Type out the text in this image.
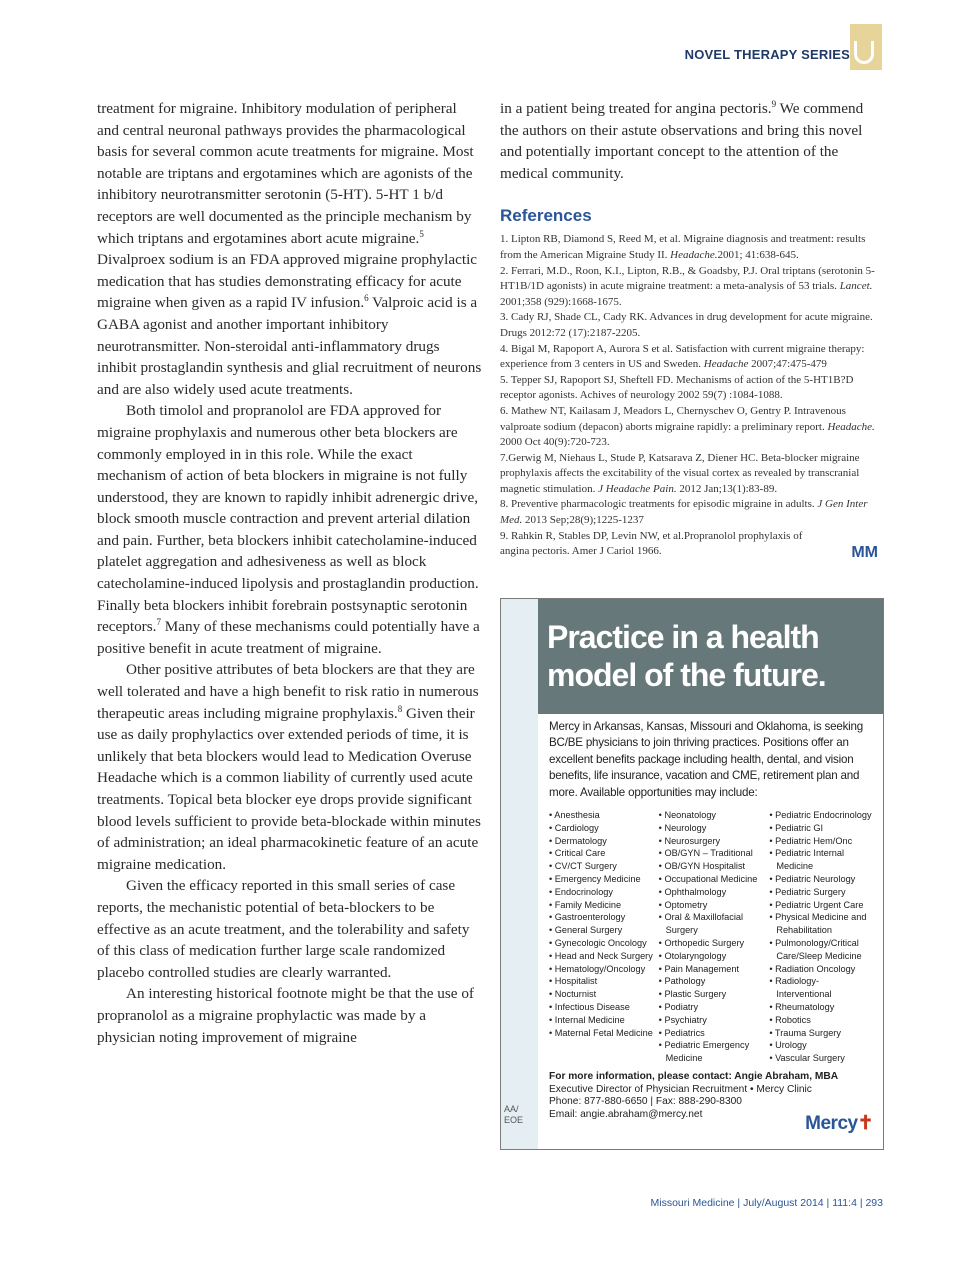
NOVEL THERAPY SERIES

treatment for migraine. Inhibitory modulation of peripheral and central neuronal pathways provides the pharmacological basis for several common acute treatments for migraine. Most notable are triptans and ergotamines which are agonists of the inhibitory neurotransmitter serotonin (5-HT). 5-HT 1 b/d receptors are well documented as the principle mechanism by which triptans and ergotamines abort acute migraine.$^5$ Divalproex sodium is an FDA approved migraine prophylactic medication that has studies demonstrating efficacy for acute migraine when given as a rapid IV infusion.$^6$ Valproic acid is a GABA agonist and another important inhibitory neurotransmitter. Non-steroidal anti-inflammatory drugs inhibit prostaglandin synthesis and glial recruitment of neurons and are also widely used acute treatments.

Both timolol and propranolol are FDA approved for migraine prophylaxis and numerous other beta blockers are commonly employed in in this role. While the exact mechanism of action of beta blockers in migraine is not fully understood, they are known to rapidly inhibit adrenergic drive, block smooth muscle contraction and prevent arterial dilation and pain. Further, beta blockers inhibit catecholamine-induced platelet aggregation and adhesiveness as well as block catecholamine-induced lipolysis and prostaglandin production. Finally beta blockers inhibit forebrain postsynaptic serotonin receptors.$^7$ Many of these mechanisms could potentially have a positive benefit in acute treatment of migraine.

Other positive attributes of beta blockers are that they are well tolerated and have a high benefit to risk ratio in numerous therapeutic areas including migraine prophylaxis.$^8$ Given their use as daily prophylactics over extended periods of time, it is unlikely that beta blockers would lead to Medication Overuse Headache which is a common liability of currently used acute treatments. Topical beta blocker eye drops provide significant blood levels sufficient to provide beta-blockade within minutes of administration; an ideal pharmacokinetic feature of an acute migraine medication.

Given the efficacy reported in this small series of case reports, the mechanistic potential of beta-blockers to be effective as an acute treatment, and the tolerability and safety of this class of medication further large scale randomized placebo controlled studies are clearly warranted.

An interesting historical footnote might be that the use of propranolol as a migraine prophylactic was made by a physician noting improvement of migraine

in a patient being treated for angina pectoris.$^9$ We commend the authors on their astute observations and bring this novel and potentially important concept to the attention of the medical community.

References

1. Lipton RB, Diamond S, Reed M, et al. Migraine diagnosis and treatment: results from the American Migraine Study II. Headache.2001; 41:638-645.

2. Ferrari, M.D., Roon, K.I., Lipton, R.B., & Goadsby, P.J. Oral triptans (serotonin 5-HT1B/1D agonists) in acute migraine treatment: a meta-analysis of 53 trials. Lancet. 2001;358 (929):1668-1675.

3. Cady RJ, Shade CL, Cady RK. Advances in drug development for acute migraine. Drugs 2012:72 (17):2187-2205.

4. Bigal M, Rapoport A, Aurora S et al. Satisfaction with current migraine therapy: experience from 3 centers in US and Sweden. Headache 2007;47:475-479

5. Tepper SJ, Rapoport SJ, Sheftell FD. Mechanisms of action of the 5-HT1B?D receptor agonists. Achives of neurology 2002 59(7) :1084-1088.

6. Mathew NT, Kailasam J, Meadors L, Chernyschev O, Gentry P. Intravenous valproate sodium (depacon) aborts migraine rapidly: a preliminary report. Headache. 2000 Oct 40(9):720-723.

7.Gerwig M, Niehaus L, Stude P, Katsarava Z, Diener HC. Beta-blocker migraine prophylaxis affects the excitability of the visual cortex as revealed by transcranial magnetic stimulation. J Headache Pain. 2012 Jan;13(1):83-89.

8. Preventive pharmacologic treatments for episodic migraine in adults. J Gen Inter Med. 2013 Sep;28(9);1225-1237

9. Rahkin R, Stables DP, Levin NW, et al.Propranolol prophylaxis of angina pectoris. Amer J Cariol 1966.	MM
AA/
EOE
Practice in a health
model of the future.
Mercy in Arkansas, Kansas, Missouri and Oklahoma, is seeking BC/BE physicians to join thriving practices. Positions offer an excellent benefits package including health, dental, and vision benefits, life insurance, vacation and CME, retirement plan and more. Available opportunities may include:
• Anesthesia
• Cardiology
• Dermatology
• Critical Care
• CV/CT Surgery
• Emergency Medicine
• Endocrinology
• Family Medicine
• Gastroenterology
• General Surgery
• Gynecologic Oncology
• Head and Neck Surgery
• Hematology/Oncology
• Hospitalist
• Nocturnist
• Infectious Disease
• Internal Medicine
• Maternal Fetal Medicine
• Neonatology
• Neurology
• Neurosurgery
• OB/GYN – Traditional
• OB/GYN Hospitalist
• Occupational Medicine
• Ophthalmology
• Optometry
• Oral & Maxillofacial Surgery
• Orthopedic Surgery
• Otolaryngology
• Pain Management
• Pathology
• Plastic Surgery
• Podiatry
• Psychiatry
• Pediatrics
• Pediatric Emergency Medicine
• Pediatric Endocrinology
• Pediatric GI
• Pediatric Hem/Onc
• Pediatric Internal Medicine
• Pediatric Neurology
• Pediatric Surgery
• Pediatric Urgent Care
• Physical Medicine and Rehabilitation
• Pulmonology/Critical Care/Sleep Medicine
• Radiation Oncology
• Radiology- Interventional
• Rheumatology
• Robotics
• Trauma Surgery
• Urology
• Vascular Surgery
For more information, please contact: Angie Abraham, MBA
Executive Director of Physician Recruitment • Mercy Clinic
Phone: 877-880-6650 | Fax: 888-290-8300
Email: angie.abraham@mercy.net	Mercy✝
Missouri Medicine | July/August 2014 | 111:4 | 293
